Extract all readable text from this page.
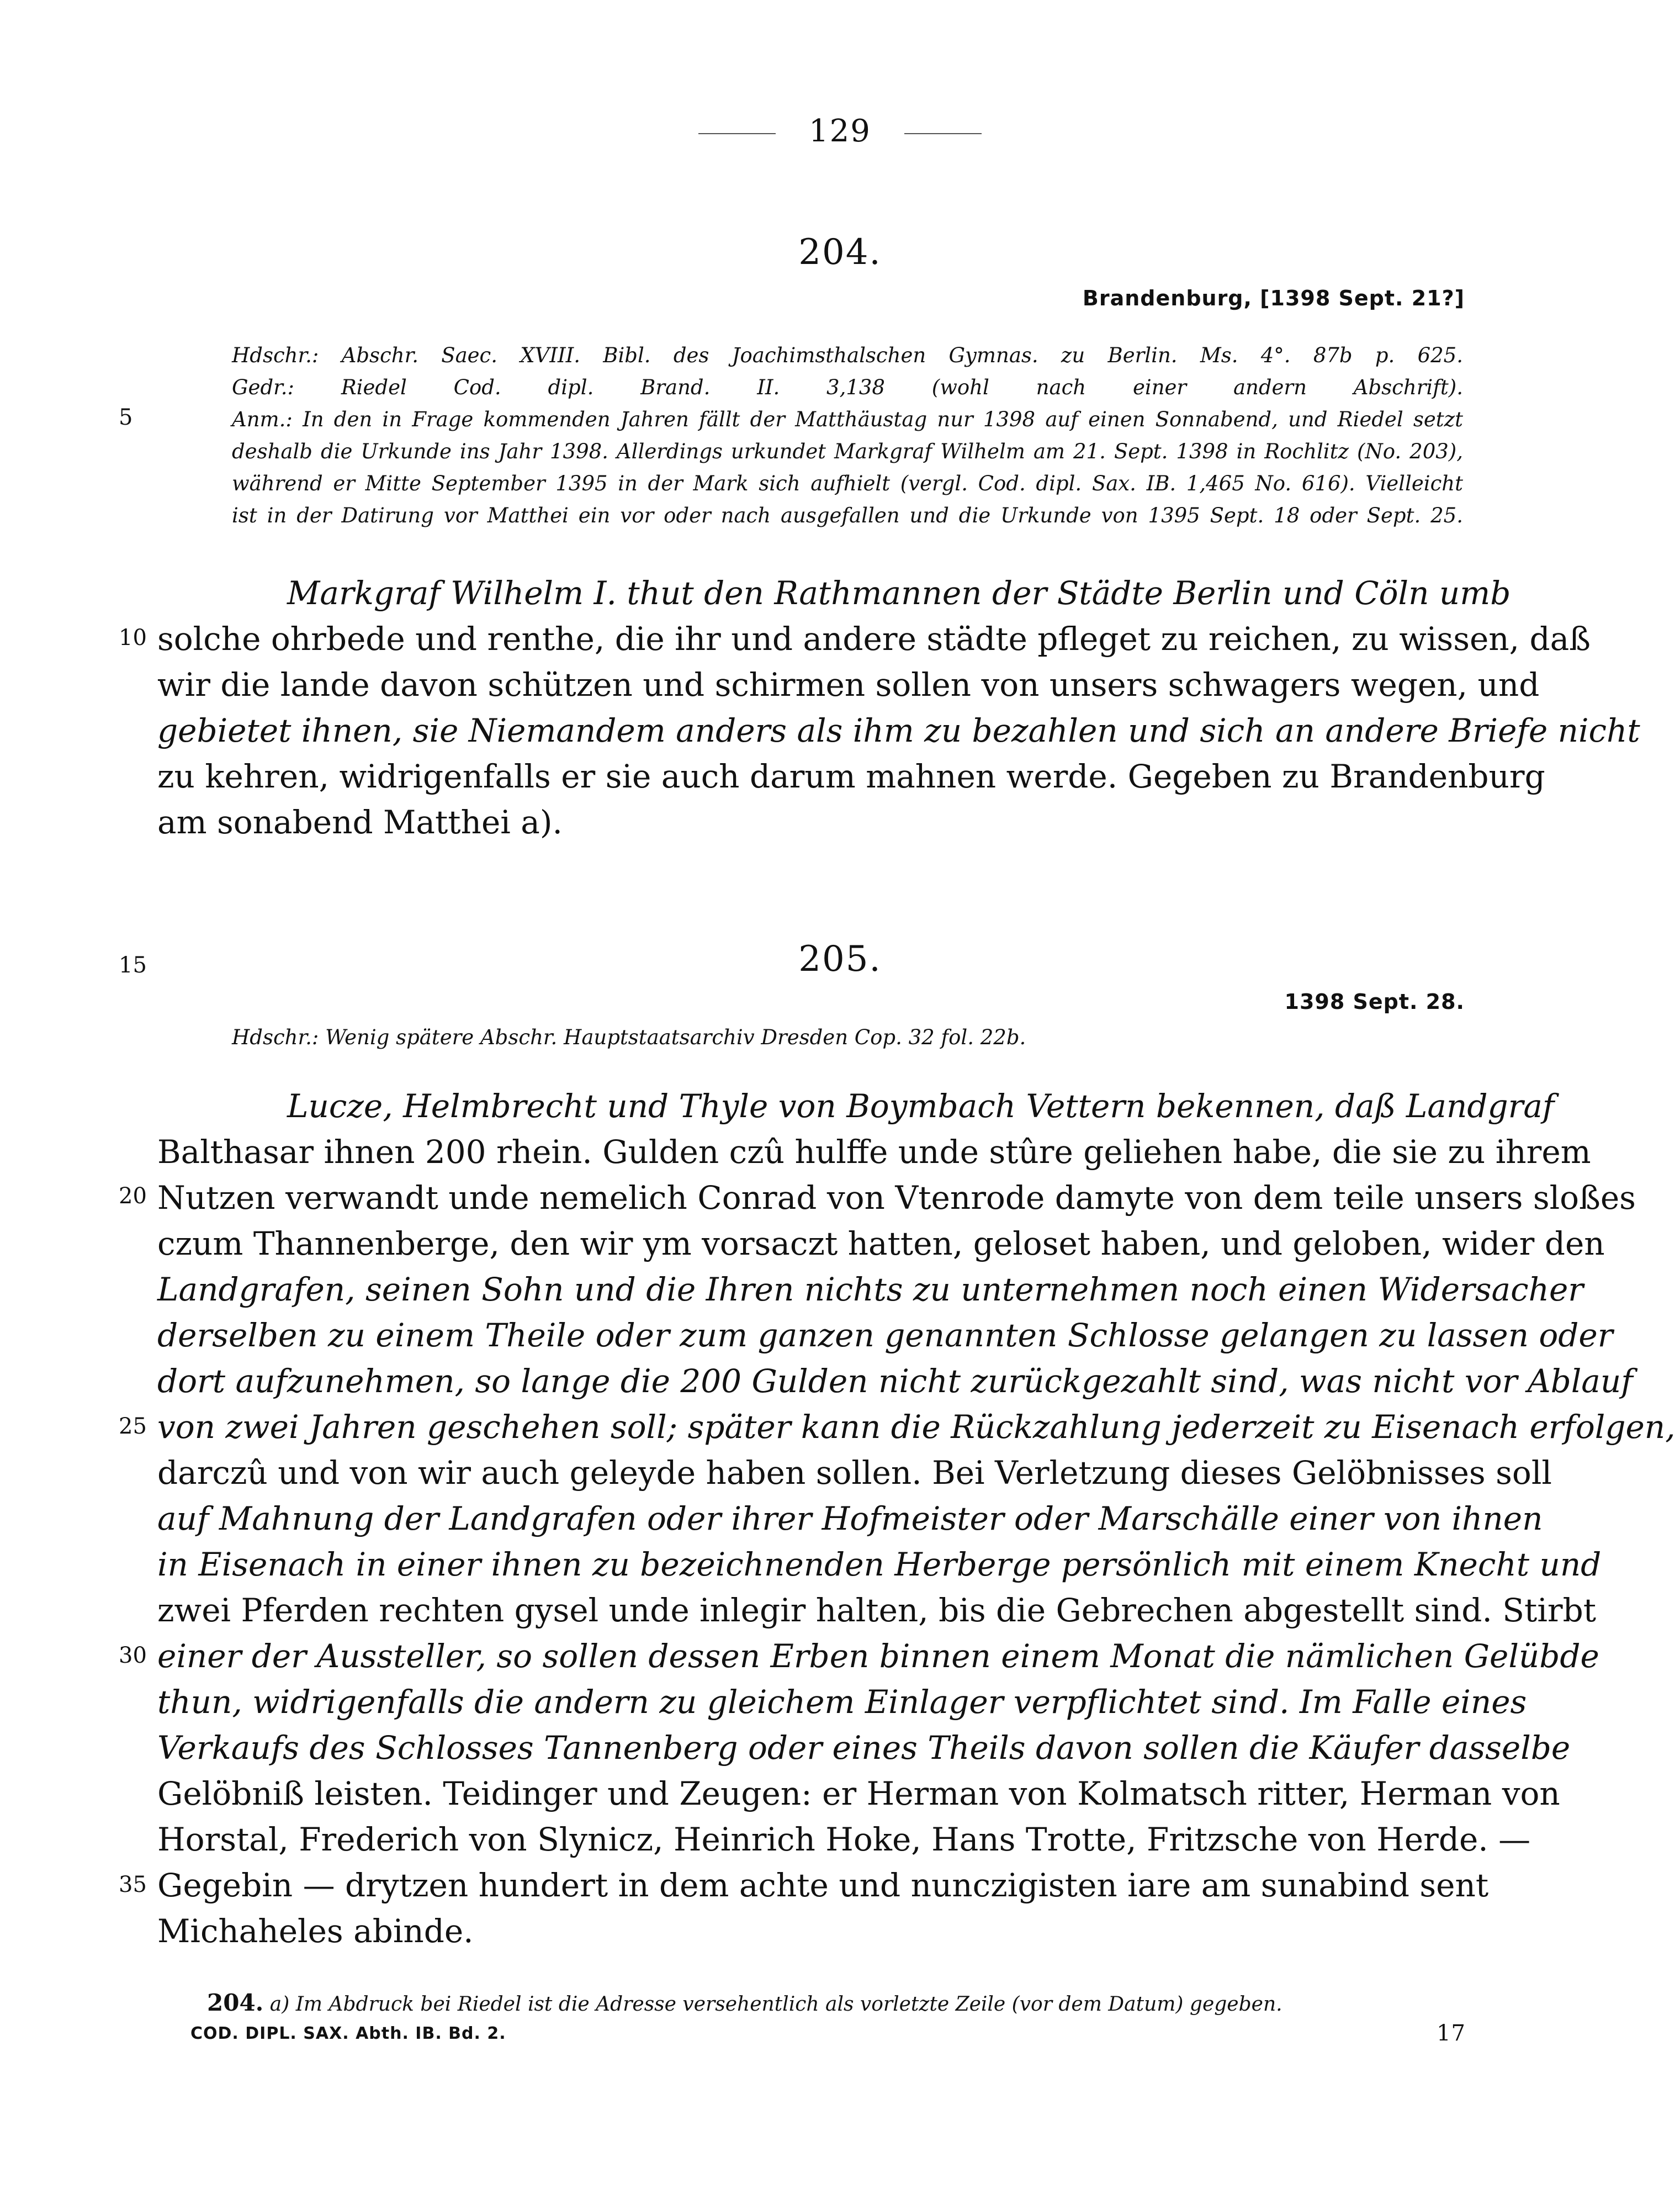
129
204.
Brandenburg, [1398 Sept. 21?]
Hdschr.: Abschr. Saec. XVIII. Bibl. des Joachimsthalschen Gymnas. zu Berlin. Ms. 4°. 87b p. 625.
Gedr.: Riedel Cod. dipl. Brand. II. 3,138 (wohl nach einer andern Abschrift).
Anm.: In den in Frage kommenden Jahren fällt der Matthäustag nur 1398 auf einen Sonnabend, und Riedel setzt
deshalb die Urkunde ins Jahr 1398. Allerdings urkundet Markgraf Wilhelm am 21. Sept. 1398 in Rochlitz (No. 203),
während er Mitte September 1395 in der Mark sich aufhielt (vergl. Cod. dipl. Sax. IB. 1,465 No. 616). Vielleicht
ist in der Datirung vor Matthei ein vor oder nach ausgefallen und die Urkunde von 1395 Sept. 18 oder Sept. 25.
Markgraf Wilhelm I. thut den Rathmannen der Städte Berlin und Cöln umb
solche ohrbede und renthe, die ihr und andere städte pfleget zu reichen, zu wissen, daß
wir die lande davon schützen und schirmen sollen von unsers schwagers wegen, und
gebietet ihnen, sie Niemandem anders als ihm zu bezahlen und sich an andere Briefe nicht
zu kehren, widrigenfalls er sie auch darum mahnen werde. Gegeben zu Brandenburg
am sonabend Matthei a).
205.
1398 Sept. 28.
Hdschr.: Wenig spätere Abschr. Hauptstaatsarchiv Dresden Cop. 32 fol. 22b.
Lucze, Helmbrecht und Thyle von Boymbach Vettern bekennen, daß Landgraf
Balthasar ihnen 200 rhein. Gulden czû hulffe unde stûre geliehen habe, die sie zu ihrem
Nutzen verwandt unde nemelich Conrad von Vtenrode damyte von dem teile unsers sloßes
czum Thannenberge, den wir ym vorsaczt hatten, geloset haben, und geloben, wider den
Landgrafen, seinen Sohn und die Ihren nichts zu unternehmen noch einen Widersacher
derselben zu einem Theile oder zum ganzen genannten Schlosse gelangen zu lassen oder
dort aufzunehmen, so lange die 200 Gulden nicht zurückgezahlt sind, was nicht vor Ablauf
von zwei Jahren geschehen soll; später kann die Rückzahlung jederzeit zu Eisenach erfolgen,
darczû und von wir auch geleyde haben sollen. Bei Verletzung dieses Gelöbnisses soll
auf Mahnung der Landgrafen oder ihrer Hofmeister oder Marschälle einer von ihnen
in Eisenach in einer ihnen zu bezeichnenden Herberge persönlich mit einem Knecht und
zwei Pferden rechten gysel unde inlegir halten, bis die Gebrechen abgestellt sind. Stirbt
einer der Aussteller, so sollen dessen Erben binnen einem Monat die nämlichen Gelübde
thun, widrigenfalls die andern zu gleichem Einlager verpflichtet sind. Im Falle eines
Verkaufs des Schlosses Tannenberg oder eines Theils davon sollen die Käufer dasselbe
Gelöbniß leisten. Teidinger und Zeugen: er Herman von Kolmatsch ritter, Herman von
Horstal, Frederich von Slynicz, Heinrich Hoke, Hans Trotte, Fritzsche von Herde. —
Gegebin — drytzen hundert in dem achte und nunczigisten iare am sunabind sent
Michaheles abinde.
5
10
15
20
25
30
35
204. a) Im Abdruck bei Riedel ist die Adresse versehentlich als vorletzte Zeile (vor dem Datum) gegeben.
COD. DIPL. SAX. Abth. IB. Bd. 2.	17
